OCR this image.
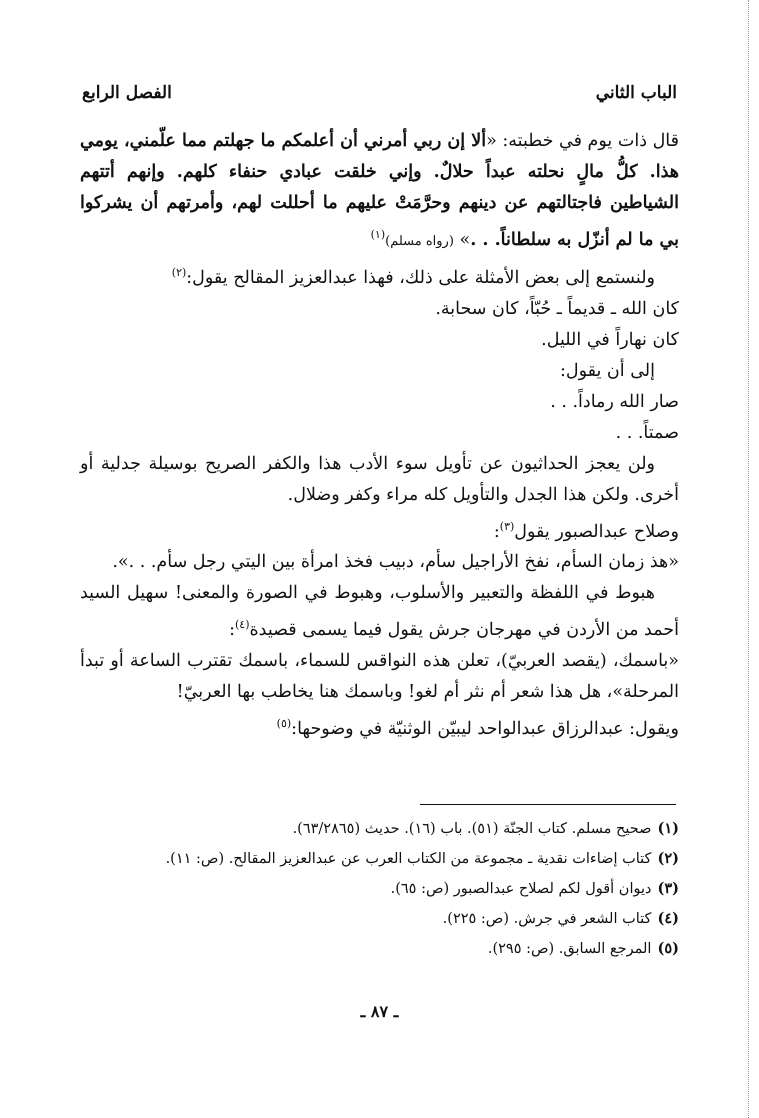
الباب الثاني
الفصل الرابع

قال ذات يوم في خطبته: «ألا إن ربي أمرني أن أعلمكم ما جهلتم مما علّمني، يومي هذا. كلُّ مالٍ نحلته عبداً حلالٌ. وإني خلقت عبادي حنفاء كلهم. وإنهم أتتهم الشياطين فاجتالتهم عن دينهم وحرَّمَتْ عليهم ما أحللت لهم، وأمرتهم أن يشركوا بي ما لم أنزّل به سلطاناً. . .» (رواه مسلم)$^{(١)}$

ولنستمع إلى بعض الأمثلة على ذلك، فهذا عبدالعزيز المقالح يقول:$^{(٢)}$

كان الله ـ قديماً ـ حُبّاً، كان سحابة.

كان نهاراً في الليل.

إلى أن يقول:

صار الله رماداً. . .

صمتاً. . .

ولن يعجز الحداثيون عن تأويل سوء الأدب هذا والكفر الصريح بوسيلة جدلية أو أخرى. ولكن هذا الجدل والتأويل كله مراء وكفر وضلال.

وصلاح عبدالصبور يقول$^{(٣)}$:

«هذ زمان السأم، نفخ الأراجيل سأم، دبيب فخذ امرأة بين اليتي رجل سأم. . .».

هبوط في اللفظة والتعبير والأسلوب، وهبوط في الصورة والمعنى! سهيل السيد أحمد من الأردن في مهرجان جرش يقول فيما يسمى قصيدة$^{(٤)}$:

«باسمك، (يقصد العربيّ)، تعلن هذه النواقس للسماء، باسمك تقترب الساعة أو تبدأ المرحلة»، هل هذا شعر أم نثر أم لغو! وباسمك هنا يخاطب بها العربيّ!

ويقول: عبدالرزاق عبدالواحد ليبيّن الوثنيّة في وضوحها:$^{(٥)}$

(١)صحيح مسلم. كتاب الجنّة (٥١). باب (١٦). حديث (٦٣/٢٨٦٥).

(٢)كتاب إضاءات نقدية ـ مجموعة من الكتاب العرب عن عبدالعزيز المقالح. (ص: ١١).

(٣)ديوان أقول لكم لصلاح عبدالصبور (ص: ٦٥).

(٤)كتاب الشعر في جرش. (ص: ٢٢٥).

(٥)المرجع السابق. (ص: ٢٩٥).

ـ ٨٧ ـ
